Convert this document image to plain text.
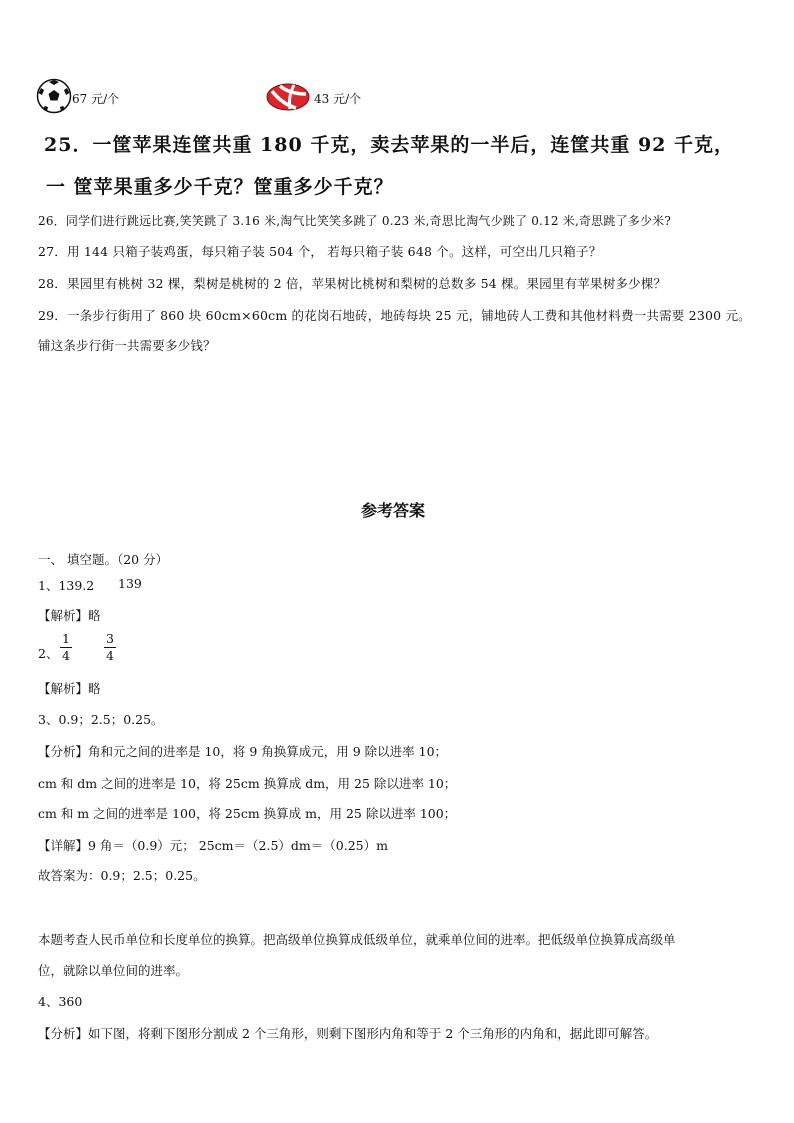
67 元/个	43 元/个
25．一筐苹果连筐共重 180 千克，卖去苹果的一半后，连筐共重 92 千克，
一 筐苹果重多少千克？筐重多少千克？
26．同学们进行跳远比赛,笑笑跳了 3.16 米,淘气比笑笑多跳了 0.23 米,奇思比淘气少跳了 0.12 米,奇思跳了多少米?
27．用 144 只箱子装鸡蛋，每只箱子装 504 个， 若每只箱子装 648 个。这样，可空出几只箱子？
28．果园里有桃树 32 棵，梨树是桃树的 2 倍，苹果树比桃树和梨树的总数多 54 棵。果园里有苹果树多少棵？
29．一条步行街用了 860 块 60cm×60cm 的花岗石地砖，地砖每块 25 元，铺地砖人工费和其他材料费一共需要 2300 元。
铺这条步行街一共需要多少钱？
参考答案
一、 填空题。（20 分）
1、139.2 139
【解析】略
2、
1
4
3
4
【解析】略
3、0.9；2.5；0.25。
【分析】角和元之间的进率是 10，将 9 角换算成元，用 9 除以进率 10；
cm 和 dm 之间的进率是 10，将 25cm 换算成 dm，用 25 除以进率 10；
cm 和 m 之间的进率是 100，将 25cm 换算成 m，用 25 除以进率 100；
【详解】9 角＝（0.9）元； 25cm＝（2.5）dm＝（0.25）m
故答案为：0.9；2.5；0.25。
本题考查人民币单位和长度单位的换算。把高级单位换算成低级单位，就乘单位间的进率。把低级单位换算成高级单
位，就除以单位间的进率。
4、360
【分析】如下图，将剩下图形分割成 2 个三角形，则剩下图形内角和等于 2 个三角形的内角和，据此即可解答。
